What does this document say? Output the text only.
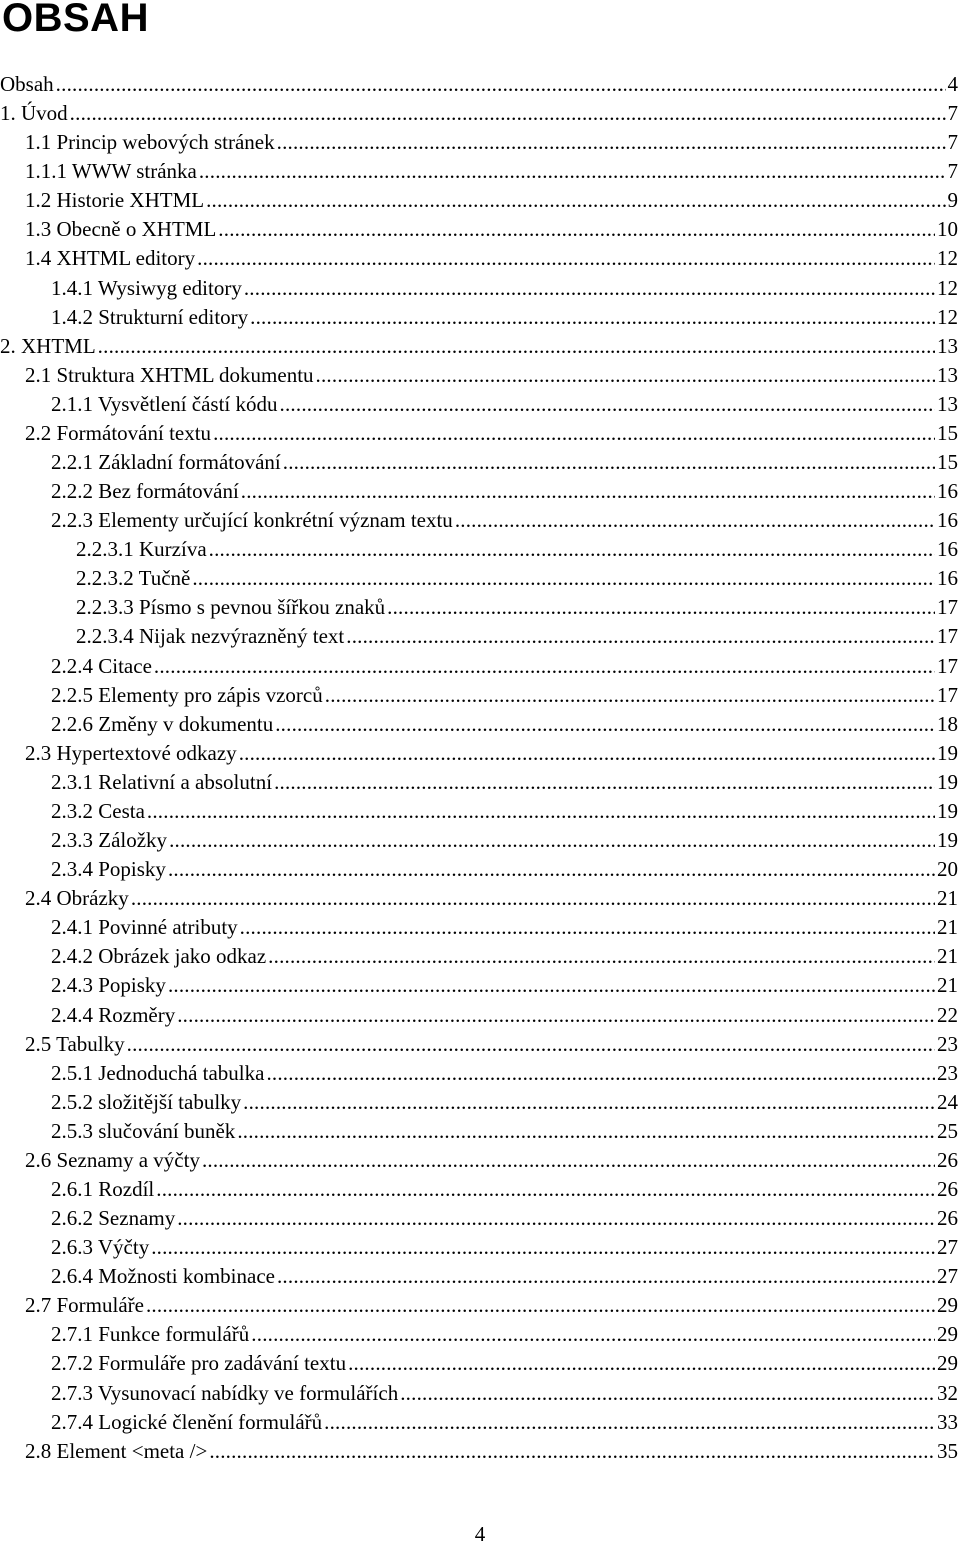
OBSAH
Obsah .....	4
1. Úvod .....	7
1.1 Princip webových stránek .....	7
1.1.1 WWW stránka .....	7
1.2 Historie XHTML .....	9
1.3 Obecně o XHTML .....	10
1.4 XHTML editory .....	12
1.4.1 Wysiwyg editory .....	12
1.4.2 Strukturní editory .....	12
2. XHTML .....	13
2.1 Struktura XHTML dokumentu .....	13
2.1.1 Vysvětlení částí kódu .....	13
2.2 Formátování textu .....	15
2.2.1 Základní formátování .....	15
2.2.2 Bez formátování .....	16
2.2.3 Elementy určující konkrétní význam textu .....	16
2.2.3.1 Kurzíva .....	16
2.2.3.2 Tučně .....	16
2.2.3.3 Písmo s pevnou šířkou znaků .....	17
2.2.3.4 Nijak nezvýrazněný text .....	17
2.2.4 Citace .....	17
2.2.5 Elementy pro zápis vzorců .....	17
2.2.6 Změny v dokumentu .....	18
2.3 Hypertextové odkazy .....	19
2.3.1 Relativní a absolutní .....	19
2.3.2 Cesta .....	19
2.3.3 Záložky .....	19
2.3.4 Popisky .....	20
2.4 Obrázky .....	21
2.4.1 Povinné atributy .....	21
2.4.2 Obrázek jako odkaz .....	21
2.4.3 Popisky .....	21
2.4.4 Rozměry .....	22
2.5 Tabulky .....	23
2.5.1 Jednoduchá tabulka .....	23
2.5.2 složitější tabulky .....	24
2.5.3 slučování buněk .....	25
2.6 Seznamy a výčty .....	26
2.6.1 Rozdíl .....	26
2.6.2 Seznamy .....	26
2.6.3 Výčty .....	27
2.6.4 Možnosti kombinace .....	27
2.7 Formuláře .....	29
2.7.1 Funkce formulářů .....	29
2.7.2 Formuláře pro zadávání textu .....	29
2.7.3 Vysunovací nabídky ve formulářích .....	32
2.7.4 Logické členění formulářů .....	33
2.8 Element <meta /> .....	35
4
